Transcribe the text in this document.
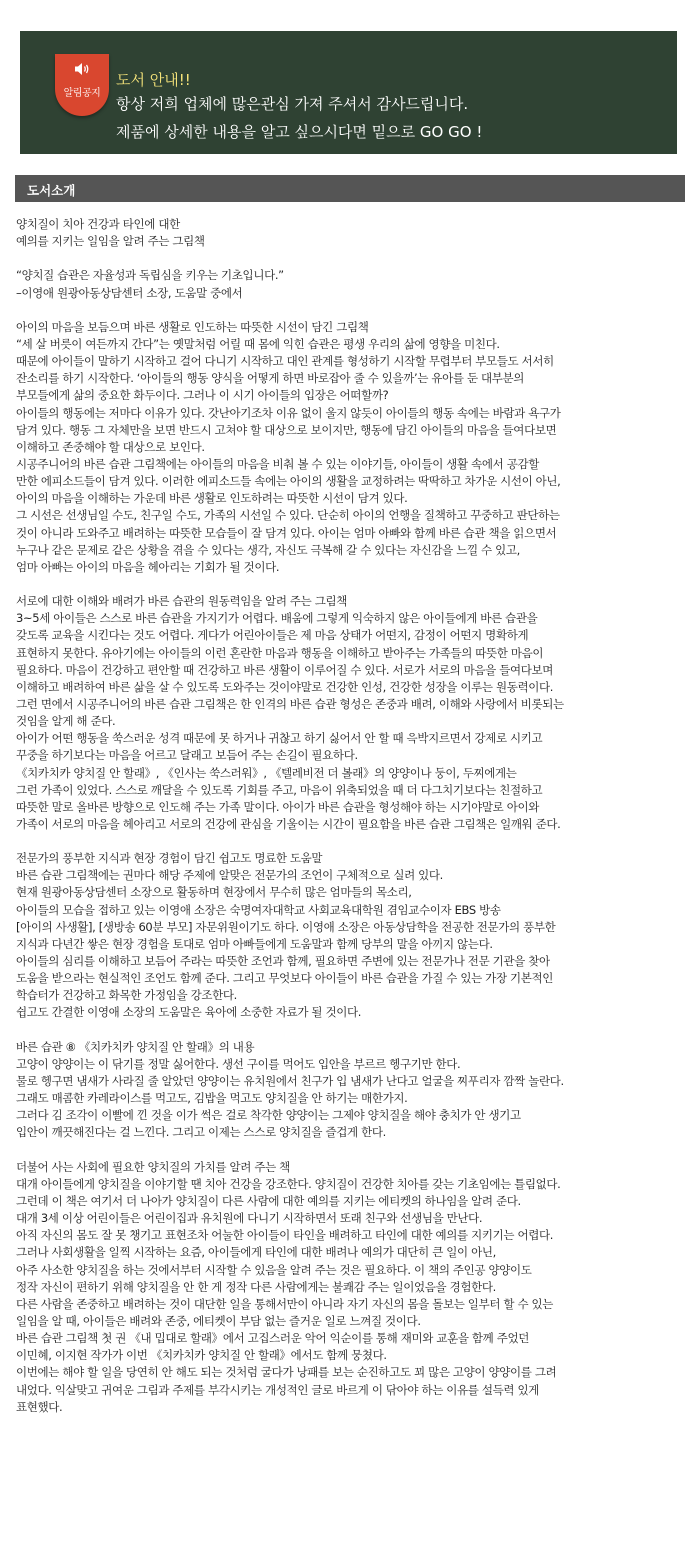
알림공지
도서 안내!!
항상 저희 업체에 많은관심 가져 주셔서 감사드립니다.
제품에 상세한 내용을 알고 싶으시다면 밑으로 GO GO !
도서소개
양치질이 치아 건강과 타인에 대한
예의를 지키는 일임을 알려 주는 그림책
“양치질 습관은 자율성과 독립심을 키우는 기초입니다.”
–이영애 원광아동상담센터 소장, 도움말 중에서
아이의 마음을 보듬으며 바른 생활로 인도하는 따뜻한 시선이 담긴 그림책
“세 살 버릇이 여든까지 간다”는 옛말처럼 어릴 때 몸에 익힌 습관은 평생 우리의 삶에 영향을 미친다.
때문에 아이들이 말하기 시작하고 걸어 다니기 시작하고 대인 관계를 형성하기 시작할 무렵부터 부모들도 서서히
잔소리를 하기 시작한다. ‘아이들의 행동 양식을 어떻게 하면 바로잡아 줄 수 있을까’는 유아를 둔 대부분의
부모들에게 삶의 중요한 화두이다. 그러나 이 시기 아이들의 입장은 어떠할까?
아이들의 행동에는 저마다 이유가 있다. 갓난아기조차 이유 없이 울지 않듯이 아이들의 행동 속에는 바람과 욕구가
담겨 있다. 행동 그 자체만을 보면 반드시 고쳐야 할 대상으로 보이지만, 행동에 담긴 아이들의 마음을 들여다보면
이해하고 존중해야 할 대상으로 보인다.
시공주니어의 바른 습관 그림책에는 아이들의 마음을 비춰 볼 수 있는 이야기들, 아이들이 생활 속에서 공감할
만한 에피소드들이 담겨 있다. 이러한 에피소드들 속에는 아이의 생활을 교정하려는 딱딱하고 차가운 시선이 아닌,
아이의 마음을 이해하는 가운데 바른 생활로 인도하려는 따뜻한 시선이 담겨 있다.
그 시선은 선생님일 수도, 친구일 수도, 가족의 시선일 수 있다. 단순히 아이의 언행을 질책하고 꾸중하고 판단하는
것이 아니라 도와주고 배려하는 따뜻한 모습들이 잘 담겨 있다. 아이는 엄마 아빠와 함께 바른 습관 책을 읽으면서
누구나 같은 문제로 같은 상황을 겪을 수 있다는 생각, 자신도 극복해 갈 수 있다는 자신감을 느낄 수 있고,
엄마 아빠는 아이의 마음을 헤아리는 기회가 될 것이다.
서로에 대한 이해와 배려가 바른 습관의 원동력임을 알려 주는 그림책
3~5세 아이들은 스스로 바른 습관을 가지기가 어렵다. 배움에 그렇게 익숙하지 않은 아이들에게 바른 습관을
갖도록 교육을 시킨다는 것도 어렵다. 게다가 어린아이들은 제 마음 상태가 어떤지, 감정이 어떤지 명확하게
표현하지 못한다. 유아기에는 아이들의 이런 혼란한 마음과 행동을 이해하고 받아주는 가족들의 따뜻한 마음이
필요하다. 마음이 건강하고 편안할 때 건강하고 바른 생활이 이루어질 수 있다. 서로가 서로의 마음을 들여다보며
이해하고 배려하여 바른 삶을 살 수 있도록 도와주는 것이야말로 건강한 인성, 건강한 성장을 이루는 원동력이다.
그런 면에서 시공주니어의 바른 습관 그림책은 한 인격의 바른 습관 형성은 존중과 배려, 이해와 사랑에서 비롯되는
것임을 알게 해 준다.
아이가 어떤 행동을 쑥스러운 성격 때문에 못 하거나 귀찮고 하기 싫어서 안 할 때 윽박지르면서 강제로 시키고
꾸중을 하기보다는 마음을 어르고 달래고 보듬어 주는 손길이 필요하다.
《치카치카 양치질 안 할래》, 《인사는 쑥스러워》, 《텔레비전 더 볼래》의 양양이나 둥이, 두찌에게는
그런 가족이 있었다. 스스로 깨달을 수 있도록 기회를 주고, 마음이 위축되었을 때 더 다그치기보다는 친절하고
따뜻한 말로 올바른 방향으로 인도해 주는 가족 말이다. 아이가 바른 습관을 형성해야 하는 시기야말로 아이와
가족이 서로의 마음을 헤아리고 서로의 건강에 관심을 기울이는 시간이 필요함을 바른 습관 그림책은 일깨워 준다.
전문가의 풍부한 지식과 현장 경험이 담긴 쉽고도 명료한 도움말
바른 습관 그림책에는 권마다 해당 주제에 알맞은 전문가의 조언이 구체적으로 실려 있다.
현재 원광아동상담센터 소장으로 활동하며 현장에서 무수히 많은 엄마들의 목소리,
아이들의 모습을 접하고 있는 이영애 소장은 숙명여자대학교 사회교육대학원 겸임교수이자 EBS 방송
[아이의 사생활], [생방송 60분 부모] 자문위원이기도 하다. 이영애 소장은 아동상담학을 전공한 전문가의 풍부한
지식과 다년간 쌓은 현장 경험을 토대로 엄마 아빠들에게 도움말과 함께 당부의 말을 아끼지 않는다.
아이들의 심리를 이해하고 보듬어 주라는 따뜻한 조언과 함께, 필요하면 주변에 있는 전문가나 전문 기관을 찾아
도움을 받으라는 현실적인 조언도 함께 준다. 그리고 무엇보다 아이들이 바른 습관을 가질 수 있는 가장 기본적인
학습터가 건강하고 화목한 가정임을 강조한다.
쉽고도 간결한 이영애 소장의 도움말은 육아에 소중한 자료가 될 것이다.
바른 습관 ⑧ 《치카치카 양치질 안 할래》의 내용
고양이 양양이는 이 닦기를 정말 싫어한다. 생선 구이를 먹어도 입안을 부르르 헹구기만 한다.
물로 헹구면 냄새가 사라질 줄 알았던 양양이는 유치원에서 친구가 입 냄새가 난다고 얼굴을 찌푸리자 깜짝 놀란다.
그래도 매콤한 카레라이스를 먹고도, 김밥을 먹고도 양치질을 안 하기는 매한가지.
그러다 김 조각이 이빨에 낀 것을 이가 썩은 걸로 착각한 양양이는 그제야 양치질을 해야 충치가 안 생기고
입안이 깨끗해진다는 걸 느낀다. 그리고 이제는 스스로 양치질을 즐겁게 한다.
더불어 사는 사회에 필요한 양치질의 가치를 알려 주는 책
대개 아이들에게 양치질을 이야기할 땐 치아 건강을 강조한다. 양치질이 건강한 치아를 갖는 기초임에는 틀림없다.
그런데 이 책은 여기서 더 나아가 양치질이 다른 사람에 대한 예의를 지키는 에티켓의 하나임을 알려 준다.
대개 3세 이상 어린이들은 어린이집과 유치원에 다니기 시작하면서 또래 친구와 선생님을 만난다.
아직 자신의 몸도 잘 못 챙기고 표현조차 어눌한 아이들이 타인을 배려하고 타인에 대한 예의를 지키기는 어렵다.
그러나 사회생활을 일찍 시작하는 요즘, 아이들에게 타인에 대한 배려나 예의가 대단히 큰 일이 아닌,
아주 사소한 양치질을 하는 것에서부터 시작할 수 있음을 알려 주는 것은 필요하다. 이 책의 주인공 양양이도
정작 자신이 편하기 위해 양치질을 안 한 게 정작 다른 사람에게는 불쾌감 주는 일이었음을 경험한다.
다른 사람을 존중하고 배려하는 것이 대단한 일을 통해서만이 아니라 자기 자신의 몸을 돌보는 일부터 할 수 있는
일임을 알 때, 아이들은 배려와 존중, 에티켓이 부담 없는 즐거운 일로 느껴질 것이다.
바른 습관 그림책 첫 권 《내 밉대로 할래》에서 고집스러운 악어 익순이를 통해 재미와 교훈을 함께 주었던
이민혜, 이지현 작가가 이번 《치카치카 양치질 안 할래》에서도 함께 뭉쳤다.
이번에는 해야 할 일을 당연히 안 해도 되는 것처럼 굴다가 낭패를 보는 순진하고도 꾀 많은 고양이 양양이를 그려
내었다. 익살맞고 귀여운 그림과 주제를 부각시키는 개성적인 글로 바르게 이 닦아야 하는 이유를 설득력 있게
표현했다.
